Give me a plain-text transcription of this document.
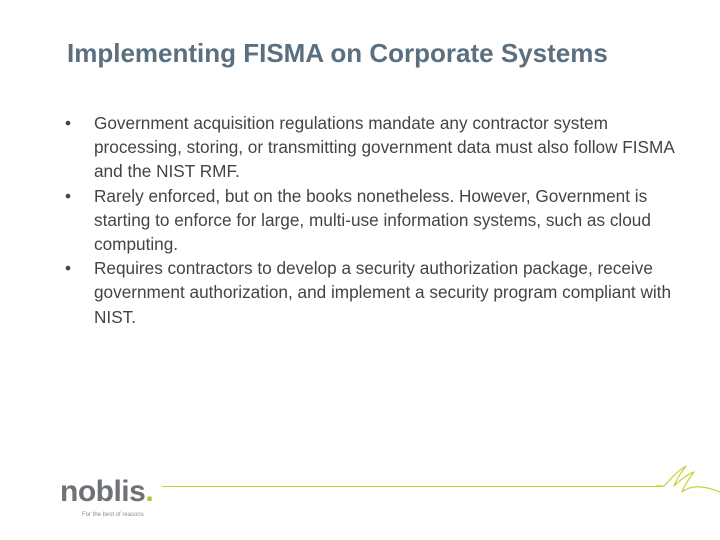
Implementing FISMA on Corporate Systems
• Government acquisition regulations mandate any contractor system processing, storing, or transmitting government data must also follow FISMA and the NIST RMF.
• Rarely enforced, but on the books nonetheless. However, Government is starting to enforce for large, multi-use information systems, such as cloud computing.
• Requires contractors to develop a security authorization package, receive government authorization, and implement a security program compliant with NIST.
noblis.
For the best of reasons
